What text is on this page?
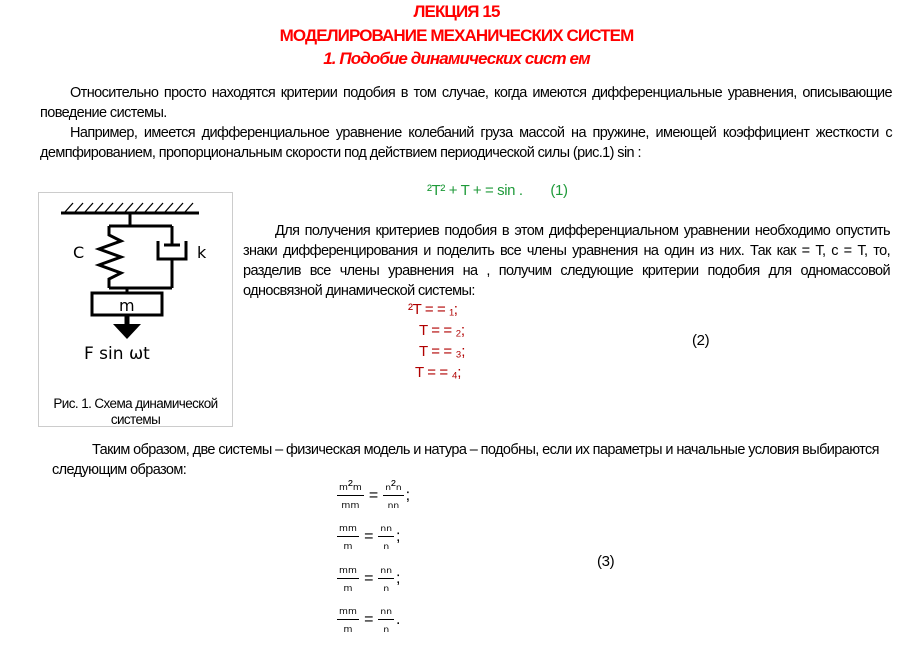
ЛЕКЦИЯ 15
МОДЕЛИРОВАНИЕ МЕХАНИЧЕСКИХ СИСТЕМ
1. Подобие динамических сист ем
Относительно просто находятся критерии подобия в том случае, когда имеются дифференциальные уравнения, описывающие поведение системы.
Например, имеется дифференциальное уравнение колебаний груза массой на пружине, имеющей коэффициент жесткости с демпфированием, пропорциональным скорости под действием периодической силы (рис.1) sin :
²T² + T + = sin . (1)
C	k
m
F sin ωt
Рис. 1. Схема динамической системы
Для получения критериев подобия в этом дифференциальном уравнении необходимо опустить знаки дифференцирования и поделить все члены уравнения на один из них. Так как = T, с = T, то, разделив все члены уравнения на , получим следующие критерии подобия для одномассовой односвязной динамической системы:
²T = = ₁;
T = = ₂;
T = = ₃;
T = = ₄;
(2)
Таким образом, две системы – физическая модель и натура – подобны, если их параметры и начальные условия выбираются следующим образом:
$\frac{\text{ₘ²ₘ}}{\text{ₘₘ}} = \frac{\text{ₙ²ₙ}}{\text{ₙₙ}}$ ;
$\frac{\text{ₘₘ}}{\text{ₘ}} = \frac{\text{ₙₙ}}{\text{ₙ}}$ ;
$\frac{\text{ₘₘ}}{\text{ₘ}} = \frac{\text{ₙₙ}}{\text{ₙ}}$ ;
$\frac{\text{ₘₘ}}{\text{ₘ}} = \frac{\text{ₙₙ}}{\text{ₙ}}$ .
(3)
